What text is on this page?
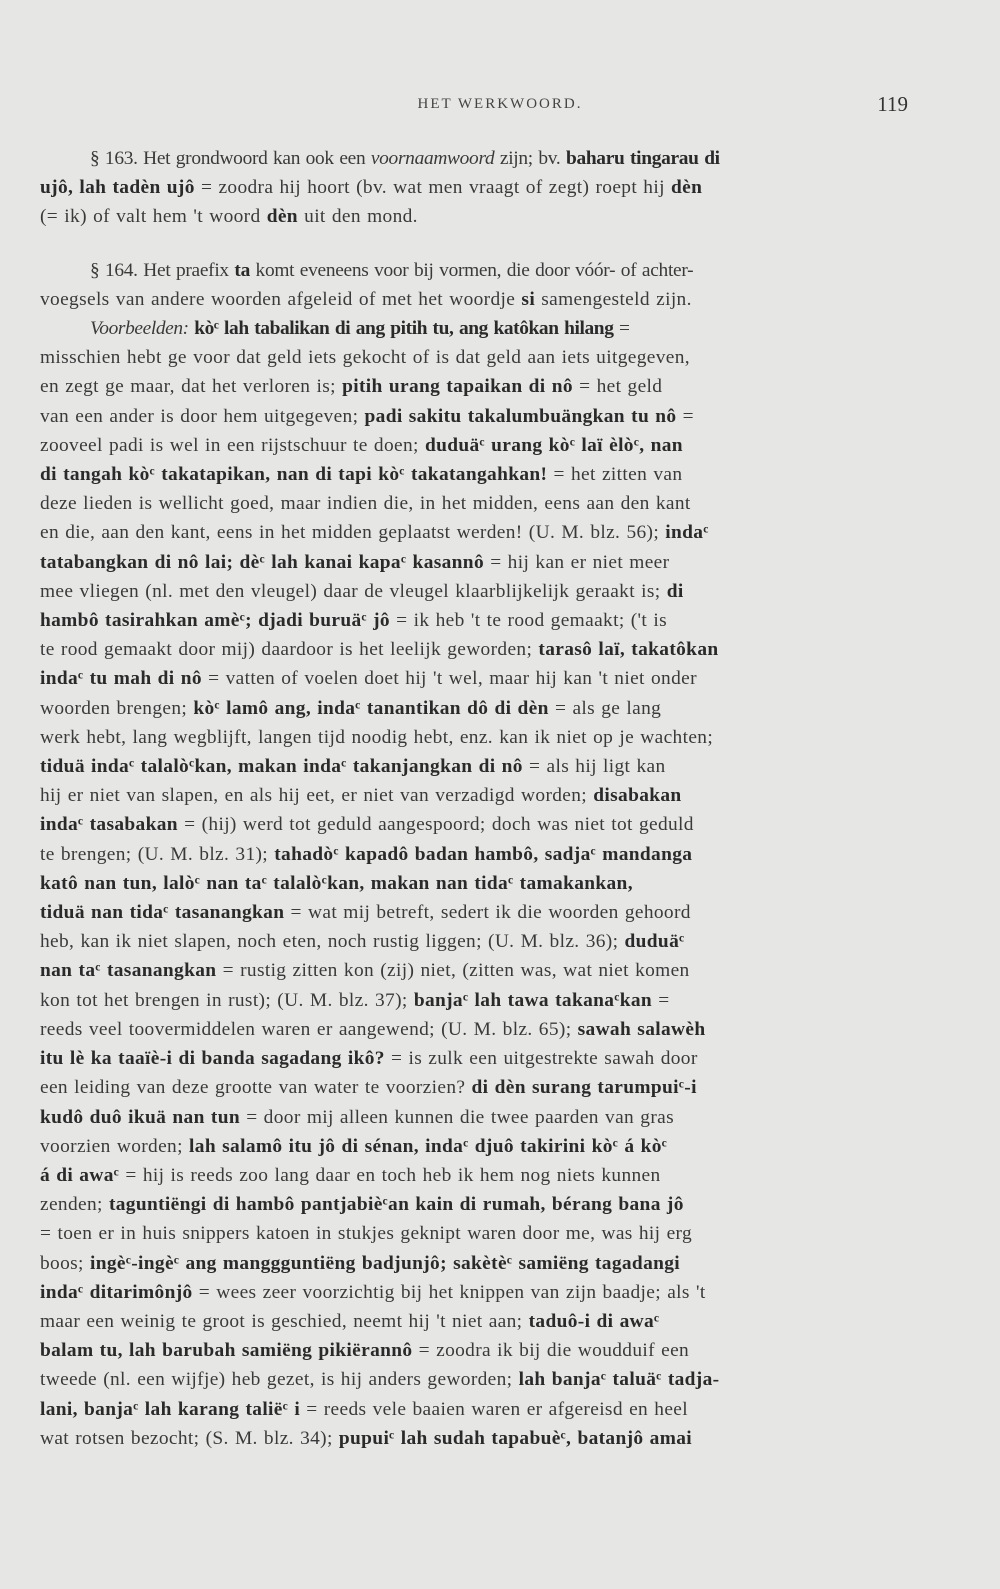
HET WERKWOORD.	119
§ 163. Het grondwoord kan ook een voornaamwoord zijn; bv. baharu tingarau di
ujô, lah tadèn ujô = zoodra hij hoort (bv. wat men vraagt of zegt) roept hij dèn
(= ik) of valt hem 't woord dèn uit den mond.
§ 164. Het praefix ta komt eveneens voor bij vormen, die door vóór- of achter-
voegsels van andere woorden afgeleid of met het woordje si samengesteld zijn.
Voorbeelden: kòᶜ lah tabalikan di ang pitih tu, ang katôkan hilang =
misschien hebt ge voor dat geld iets gekocht of is dat geld aan iets uitgegeven,
en zegt ge maar, dat het verloren is; pitih urang tapaikan di nô = het geld
van een ander is door hem uitgegeven; padi sakitu takalumbuängkan tu nô =
zooveel padi is wel in een rijstschuur te doen; duduäᶜ urang kòᶜ laï èlòᶜ, nan
di tangah kòᶜ takatapikan, nan di tapi kòᶜ takatangahkan! = het zitten van
deze lieden is wellicht goed, maar indien die, in het midden, eens aan den kant
en die, aan den kant, eens in het midden geplaatst werden! (U. M. blz. 56); indaᶜ
tatabangkan di nô lai; dèᶜ lah kanai kapaᶜ kasannô = hij kan er niet meer
mee vliegen (nl. met den vleugel) daar de vleugel klaarblijkelijk geraakt is; di
hambô tasirahkan amèᶜ; djadi buruäᶜ jô = ik heb 't te rood gemaakt; ('t is
te rood gemaakt door mij) daardoor is het leelijk geworden; tarasô laï, takatôkan
indaᶜ tu mah di nô = vatten of voelen doet hij 't wel, maar hij kan 't niet onder
woorden brengen; kòᶜ lamô ang, indaᶜ tanantikan dô di dèn = als ge lang
werk hebt, lang wegblijft, langen tijd noodig hebt, enz. kan ik niet op je wachten;
tiduä indaᶜ talalòᶜkan, makan indaᶜ takanjangkan di nô = als hij ligt kan
hij er niet van slapen, en als hij eet, er niet van verzadigd worden; disabakan
indaᶜ tasabakan = (hij) werd tot geduld aangespoord; doch was niet tot geduld
te brengen; (U. M. blz. 31); tahadòᶜ kapadô badan hambô, sadjaᶜ mandanga
katô nan tun, lalòᶜ nan taᶜ talalòᶜkan, makan nan tidaᶜ tamakankan,
tiduä nan tidaᶜ tasanangkan = wat mij betreft, sedert ik die woorden gehoord
heb, kan ik niet slapen, noch eten, noch rustig liggen; (U. M. blz. 36); duduäᶜ
nan taᶜ tasanangkan = rustig zitten kon (zij) niet, (zitten was, wat niet komen
kon tot het brengen in rust); (U. M. blz. 37); banjaᶜ lah tawa takanaᶜkan =
reeds veel toovermiddelen waren er aangewend; (U. M. blz. 65); sawah salawèh
itu lè ka taaïè-i di banda sagadang ikô? = is zulk een uitgestrekte sawah door
een leiding van deze grootte van water te voorzien? di dèn surang tarumpuiᶜ-i
kudô duô ikuä nan tun = door mij alleen kunnen die twee paarden van gras
voorzien worden; lah salamô itu jô di sénan, indaᶜ djuô takirini kòᶜ á kòᶜ
á di awaᶜ = hij is reeds zoo lang daar en toch heb ik hem nog niets kunnen
zenden; taguntiëngi di hambô pantjabièᶜan kain di rumah, bérang bana jô
= toen er in huis snippers katoen in stukjes geknipt waren door me, was hij erg
boos; ingèᶜ-ingèᶜ ang manggguntiëng badjunjô; sakètèᶜ samiëng tagadangi
indaᶜ ditarimônjô = wees zeer voorzichtig bij het knippen van zijn baadje; als 't
maar een weinig te groot is geschied, neemt hij 't niet aan; taduô-i di awaᶜ
balam tu, lah barubah samiëng pikiërannô = zoodra ik bij die woudduif een
tweede (nl. een wijfje) heb gezet, is hij anders geworden; lah banjaᶜ taluäᶜ tadja-
lani, banjaᶜ lah karang taliëᶜ i = reeds vele baaien waren er afgereisd en heel
wat rotsen bezocht; (S. M. blz. 34); pupuiᶜ lah sudah tapabuèᶜ, batanjô amai
